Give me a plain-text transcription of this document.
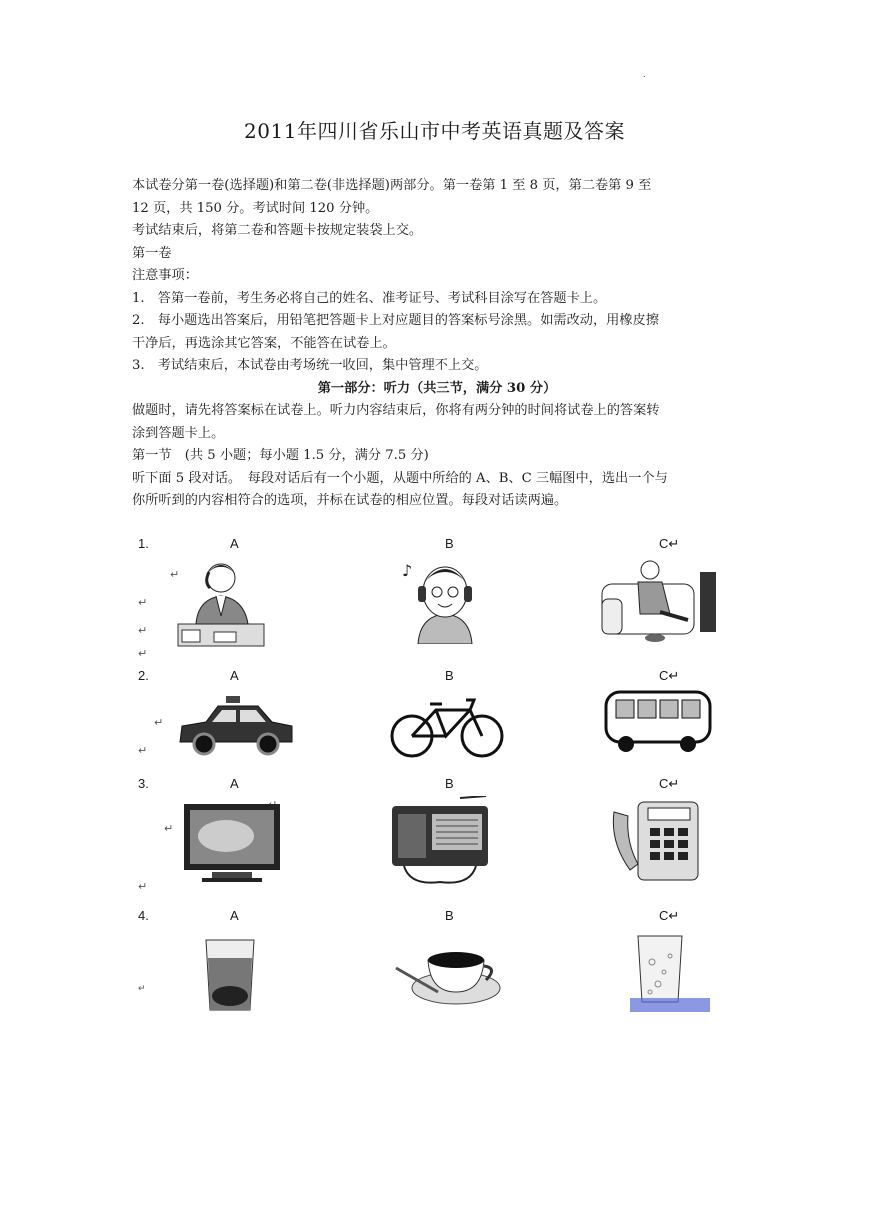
.
2011年四川省乐山市中考英语真题及答案

本试卷分第一卷(选择题)和第二卷(非选择题)两部分。第一卷第 1 至 8 页，第二卷第 9 至

12 页，共 150 分。考试时间 120 分钟。

考试结束后，将第二卷和答题卡按规定装袋上交。

第一卷

注意事项：

1.　答第一卷前，考生务必将自己的姓名、准考证号、考试科目涂写在答题卡上。

2.　每小题选出答案后，用铅笔把答题卡上对应题目的答案标号涂黑。如需改动，用橡皮擦

干净后，再选涂其它答案，不能答在试卷上。

3.　考试结束后，本试卷由考场统一收回，集中管理不上交。

第一部分：听力（共三节，满分 30 分）

做题时，请先将答案标在试卷上。听力内容结束后，你将有两分钟的时间将试卷上的答案转

涂到答题卡上。

第一节　(共 5 小题；每小题 1.5 分，满分 7.5 分)

听下面 5 段对话。　每段对话后有一个小题，从题中所给的 A、B、C 三幅图中，选出一个与

你所听到的内容相符合的选项，并标在试卷的相应位置。每段对话读两遍。

1.	A	B	C↵
↵
↵
↵
↵
♪
2.	A	B	C↵
↵
↵
3.	A	B	C↵
↵
↵
4.	A	B	C↵
↵
